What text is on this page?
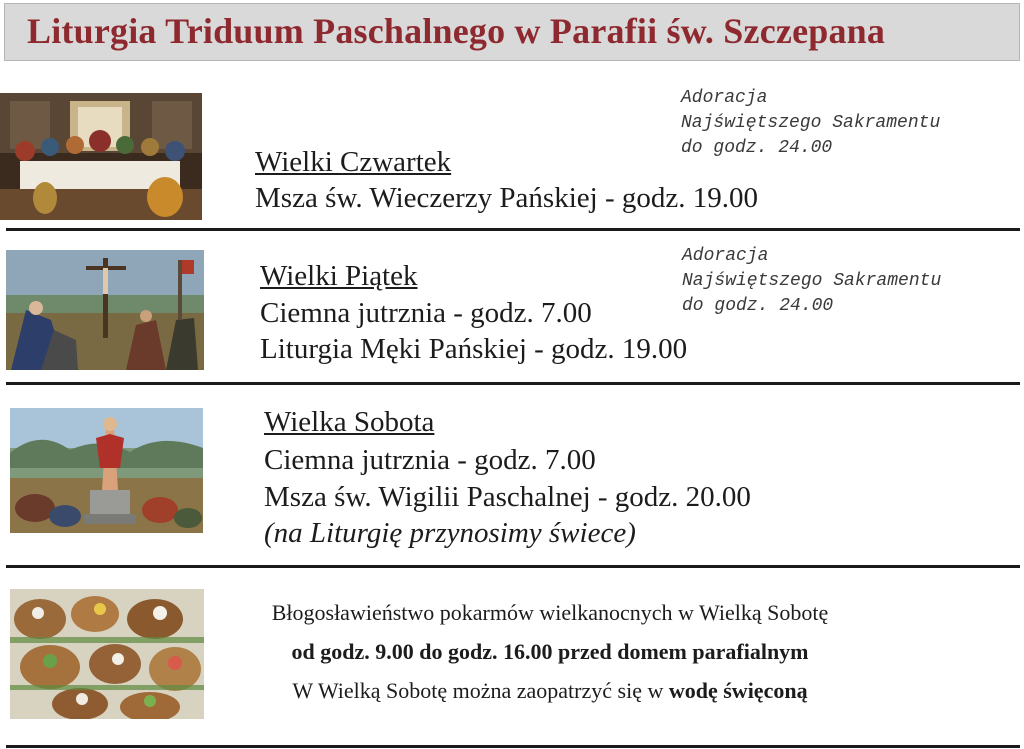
Liturgia Triduum Paschalnego w Parafii św. Szczepana
Wielki Czwartek
Msza św. Wieczerzy Pańskiej - godz. 19.00
Adoracja
Najświętszego Sakramentu
do godz. 24.00
Wielki Piątek
Ciemna jutrznia - godz. 7.00
Liturgia Męki Pańskiej - godz. 19.00
Adoracja
Najświętszego Sakramentu
do godz. 24.00
Wielka Sobota
Ciemna jutrznia - godz. 7.00
Msza św. Wigilii Paschalnej - godz. 20.00
(na Liturgię przynosimy świece)
Błogosławieństwo pokarmów wielkanocnych w Wielką Sobotę
od godz. 9.00 do godz. 16.00 przed domem parafialnym
W Wielką Sobotę można zaopatrzyć się w wodę święconą
